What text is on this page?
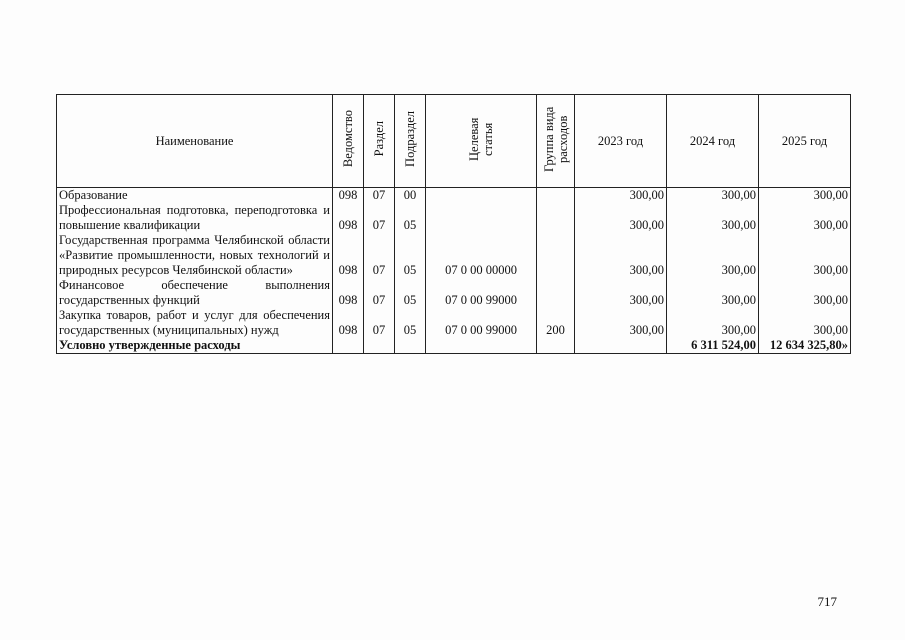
Наименование	Ведомство	Раздел	Подраздел	Целевая статья	Группа вида расходов	2023 год	2024 год	2025 год
Образование	098	07	00			300,00	300,00	300,00
Профессиональная подготовка, переподготовка и повышение квалификации	098	07	05			300,00	300,00	300,00
Государственная программа Челябинской области «Развитие промышленности, новых технологий и природных ресурсов Челябинской области»	098	07	05	07 0 00 00000		300,00	300,00	300,00
Финансовое обеспечение выполнения государственных функций	098	07	05	07 0 00 99000		300,00	300,00	300,00
Закупка товаров, работ и услуг для обеспечения государственных (муниципальных) нужд	098	07	05	07 0 00 99000	200	300,00	300,00	300,00
Условно утвержденные расходы							6 311 524,00	12 634 325,80»
717
